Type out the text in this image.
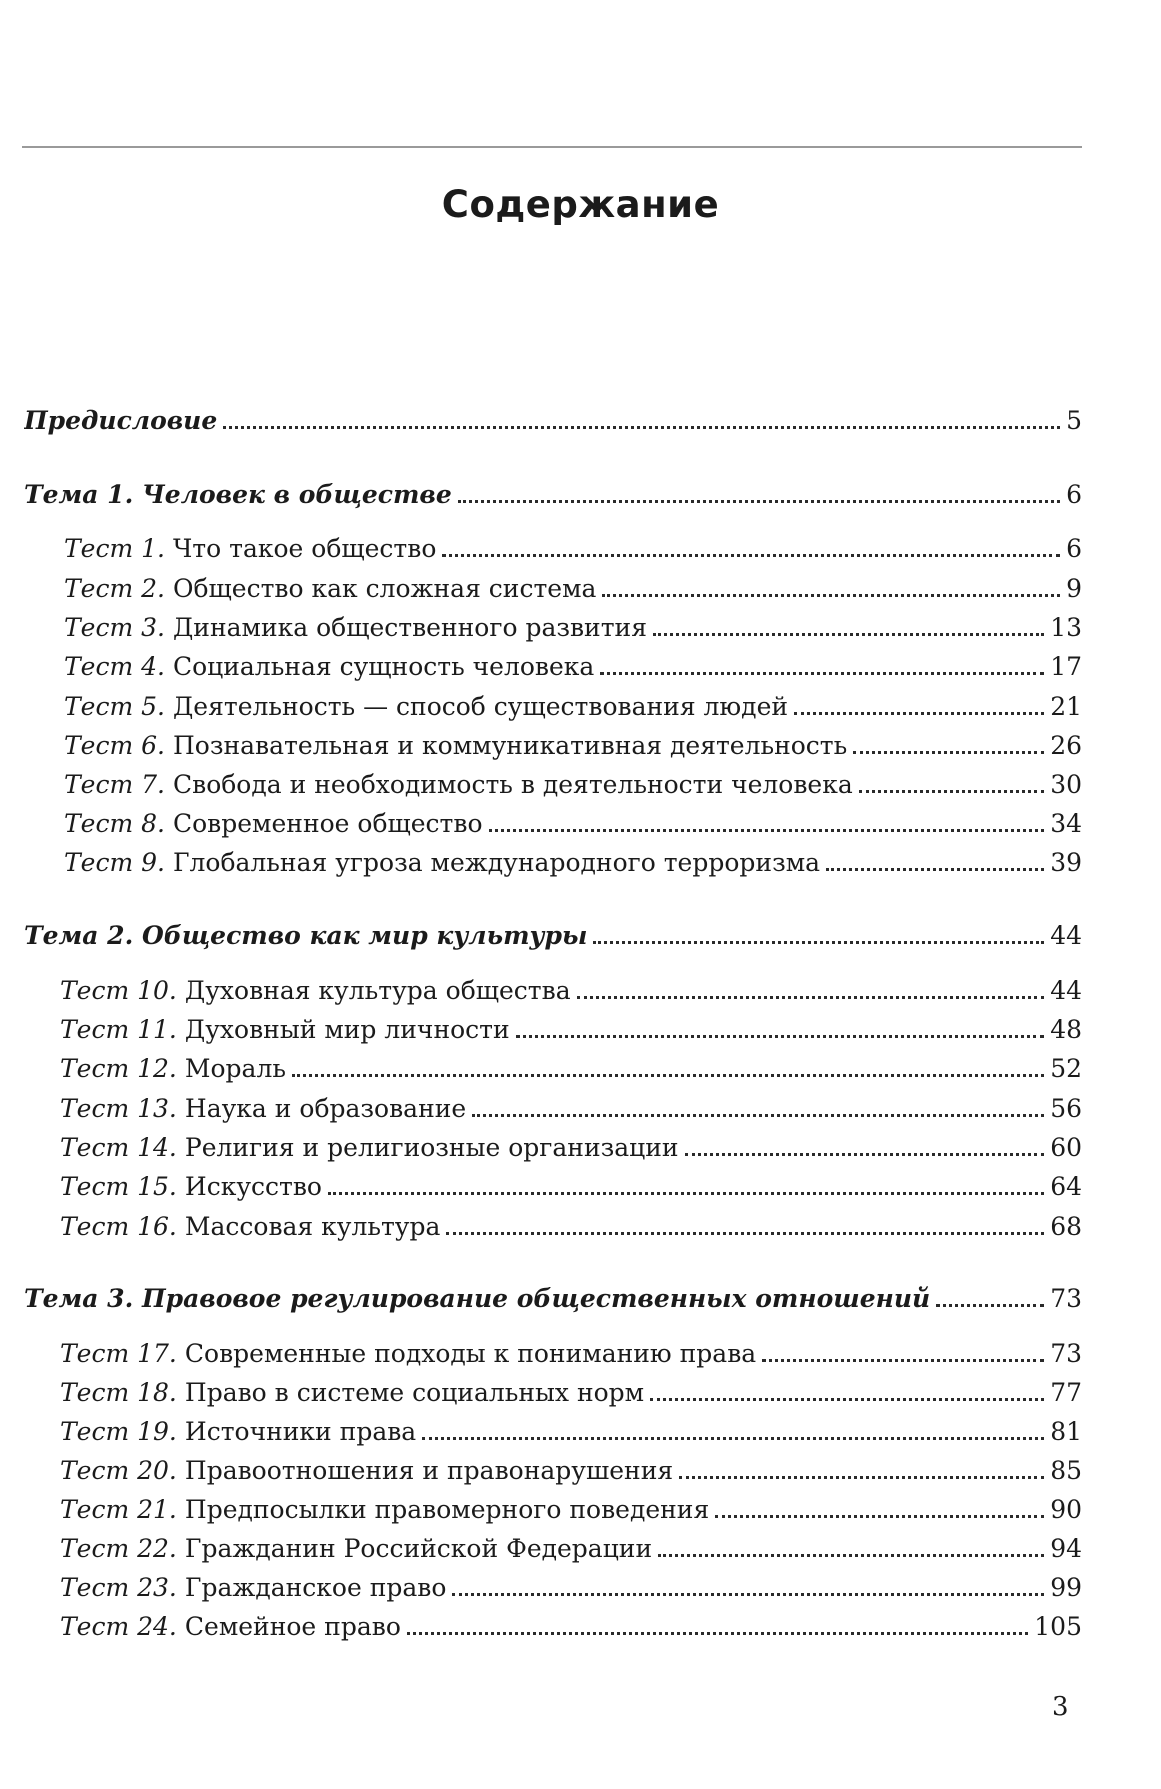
Содержание
Предисловие	5
Тема 1. Человек в обществе	6
Тест 1. Что такое общество	6
Тест 2. Общество как сложная система	9
Тест 3. Динамика общественного развития	13
Тест 4. Социальная сущность человека	17
Тест 5. Деятельность — способ существования людей	21
Тест 6. Познавательная и коммуникативная деятельность	26
Тест 7. Свобода и необходимость в деятельности человека	30
Тест 8. Современное общество	34
Тест 9. Глобальная угроза международного терроризма	39
Тема 2. Общество как мир культуры	44
Тест 10. Духовная культура общества	44
Тест 11. Духовный мир личности	48
Тест 12. Мораль	52
Тест 13. Наука и образование	56
Тест 14. Религия и религиозные организации	60
Тест 15. Искусство	64
Тест 16. Массовая культура	68
Тема 3. Правовое регулирование общественных отношений	73
Тест 17. Современные подходы к пониманию права	73
Тест 18. Право в системе социальных норм	77
Тест 19. Источники права	81
Тест 20. Правоотношения и правонарушения	85
Тест 21. Предпосылки правомерного поведения	90
Тест 22. Гражданин Российской Федерации	94
Тест 23. Гражданское право	99
Тест 24. Семейное право	105
3
